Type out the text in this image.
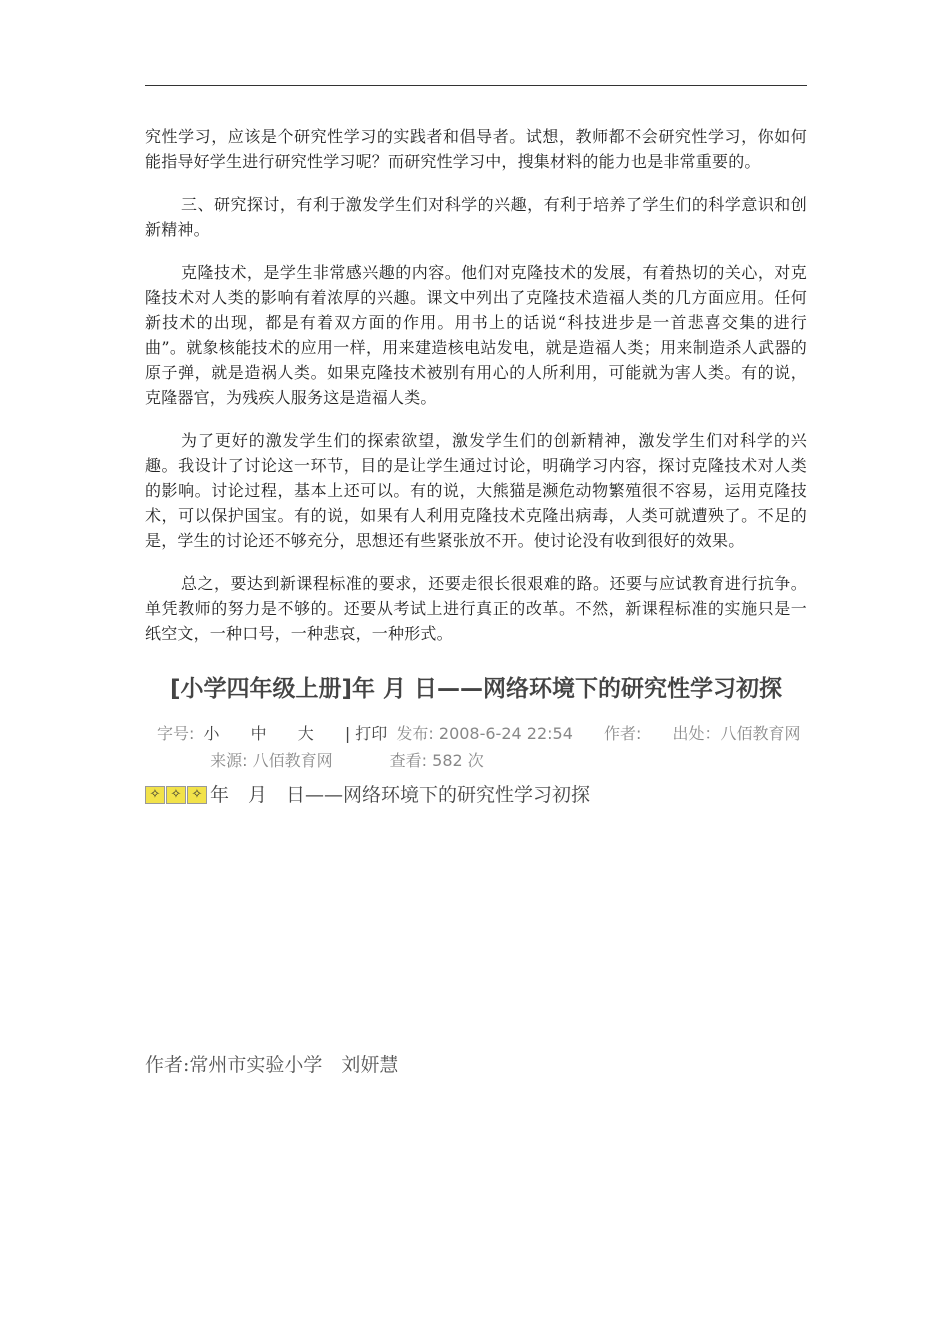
究性学习，应该是个研究性学习的实践者和倡导者。试想，教师都不会研究性学习，你如何能指导好学生进行研究性学习呢？而研究性学习中，搜集材料的能力也是非常重要的。

三、研究探讨，有利于激发学生们对科学的兴趣，有利于培养了学生们的科学意识和创新精神。

克隆技术，是学生非常感兴趣的内容。他们对克隆技术的发展，有着热切的关心，对克隆技术对人类的影响有着浓厚的兴趣。课文中列出了克隆技术造福人类的几方面应用。任何新技术的出现，都是有着双方面的作用。用书上的话说“科技进步是一首悲喜交集的进行曲”。就象核能技术的应用一样，用来建造核电站发电，就是造福人类；用来制造杀人武器的原子弹，就是造祸人类。如果克隆技术被别有用心的人所利用，可能就为害人类。有的说，克隆器官，为残疾人服务这是造福人类。

为了更好的激发学生们的探索欲望，激发学生们的创新精神，激发学生们对科学的兴趣。我设计了讨论这一环节，目的是让学生通过讨论，明确学习内容，探讨克隆技术对人类的影响。讨论过程，基本上还可以。有的说，大熊猫是濒危动物繁殖很不容易，运用克隆技术，可以保护国宝。有的说，如果有人利用克隆技术克隆出病毒，人类可就遭殃了。不足的是，学生的讨论还不够充分，思想还有些紧张放不开。使讨论没有收到很好的效果。

总之，要达到新课程标准的要求，还要走很长很艰难的路。还要与应试教育进行抗争。单凭教师的努力是不够的。还要从考试上进行真正的改革。不然，新课程标准的实施只是一纸空文，一种口号，一种悲哀，一种形式。

[小学四年级上册]年 月 日——网络环境下的研究性学习初探
字号: 小 中 大 | 打印 发布: 2008-6-24 22:54 作者: 出处：八佰教育网 来源: 八佰教育网	查看: 582 次
✧ ✧ ✧ 年　月　日——网络环境下的研究性学习初探
作者:常州市实验小学　刘妍慧
